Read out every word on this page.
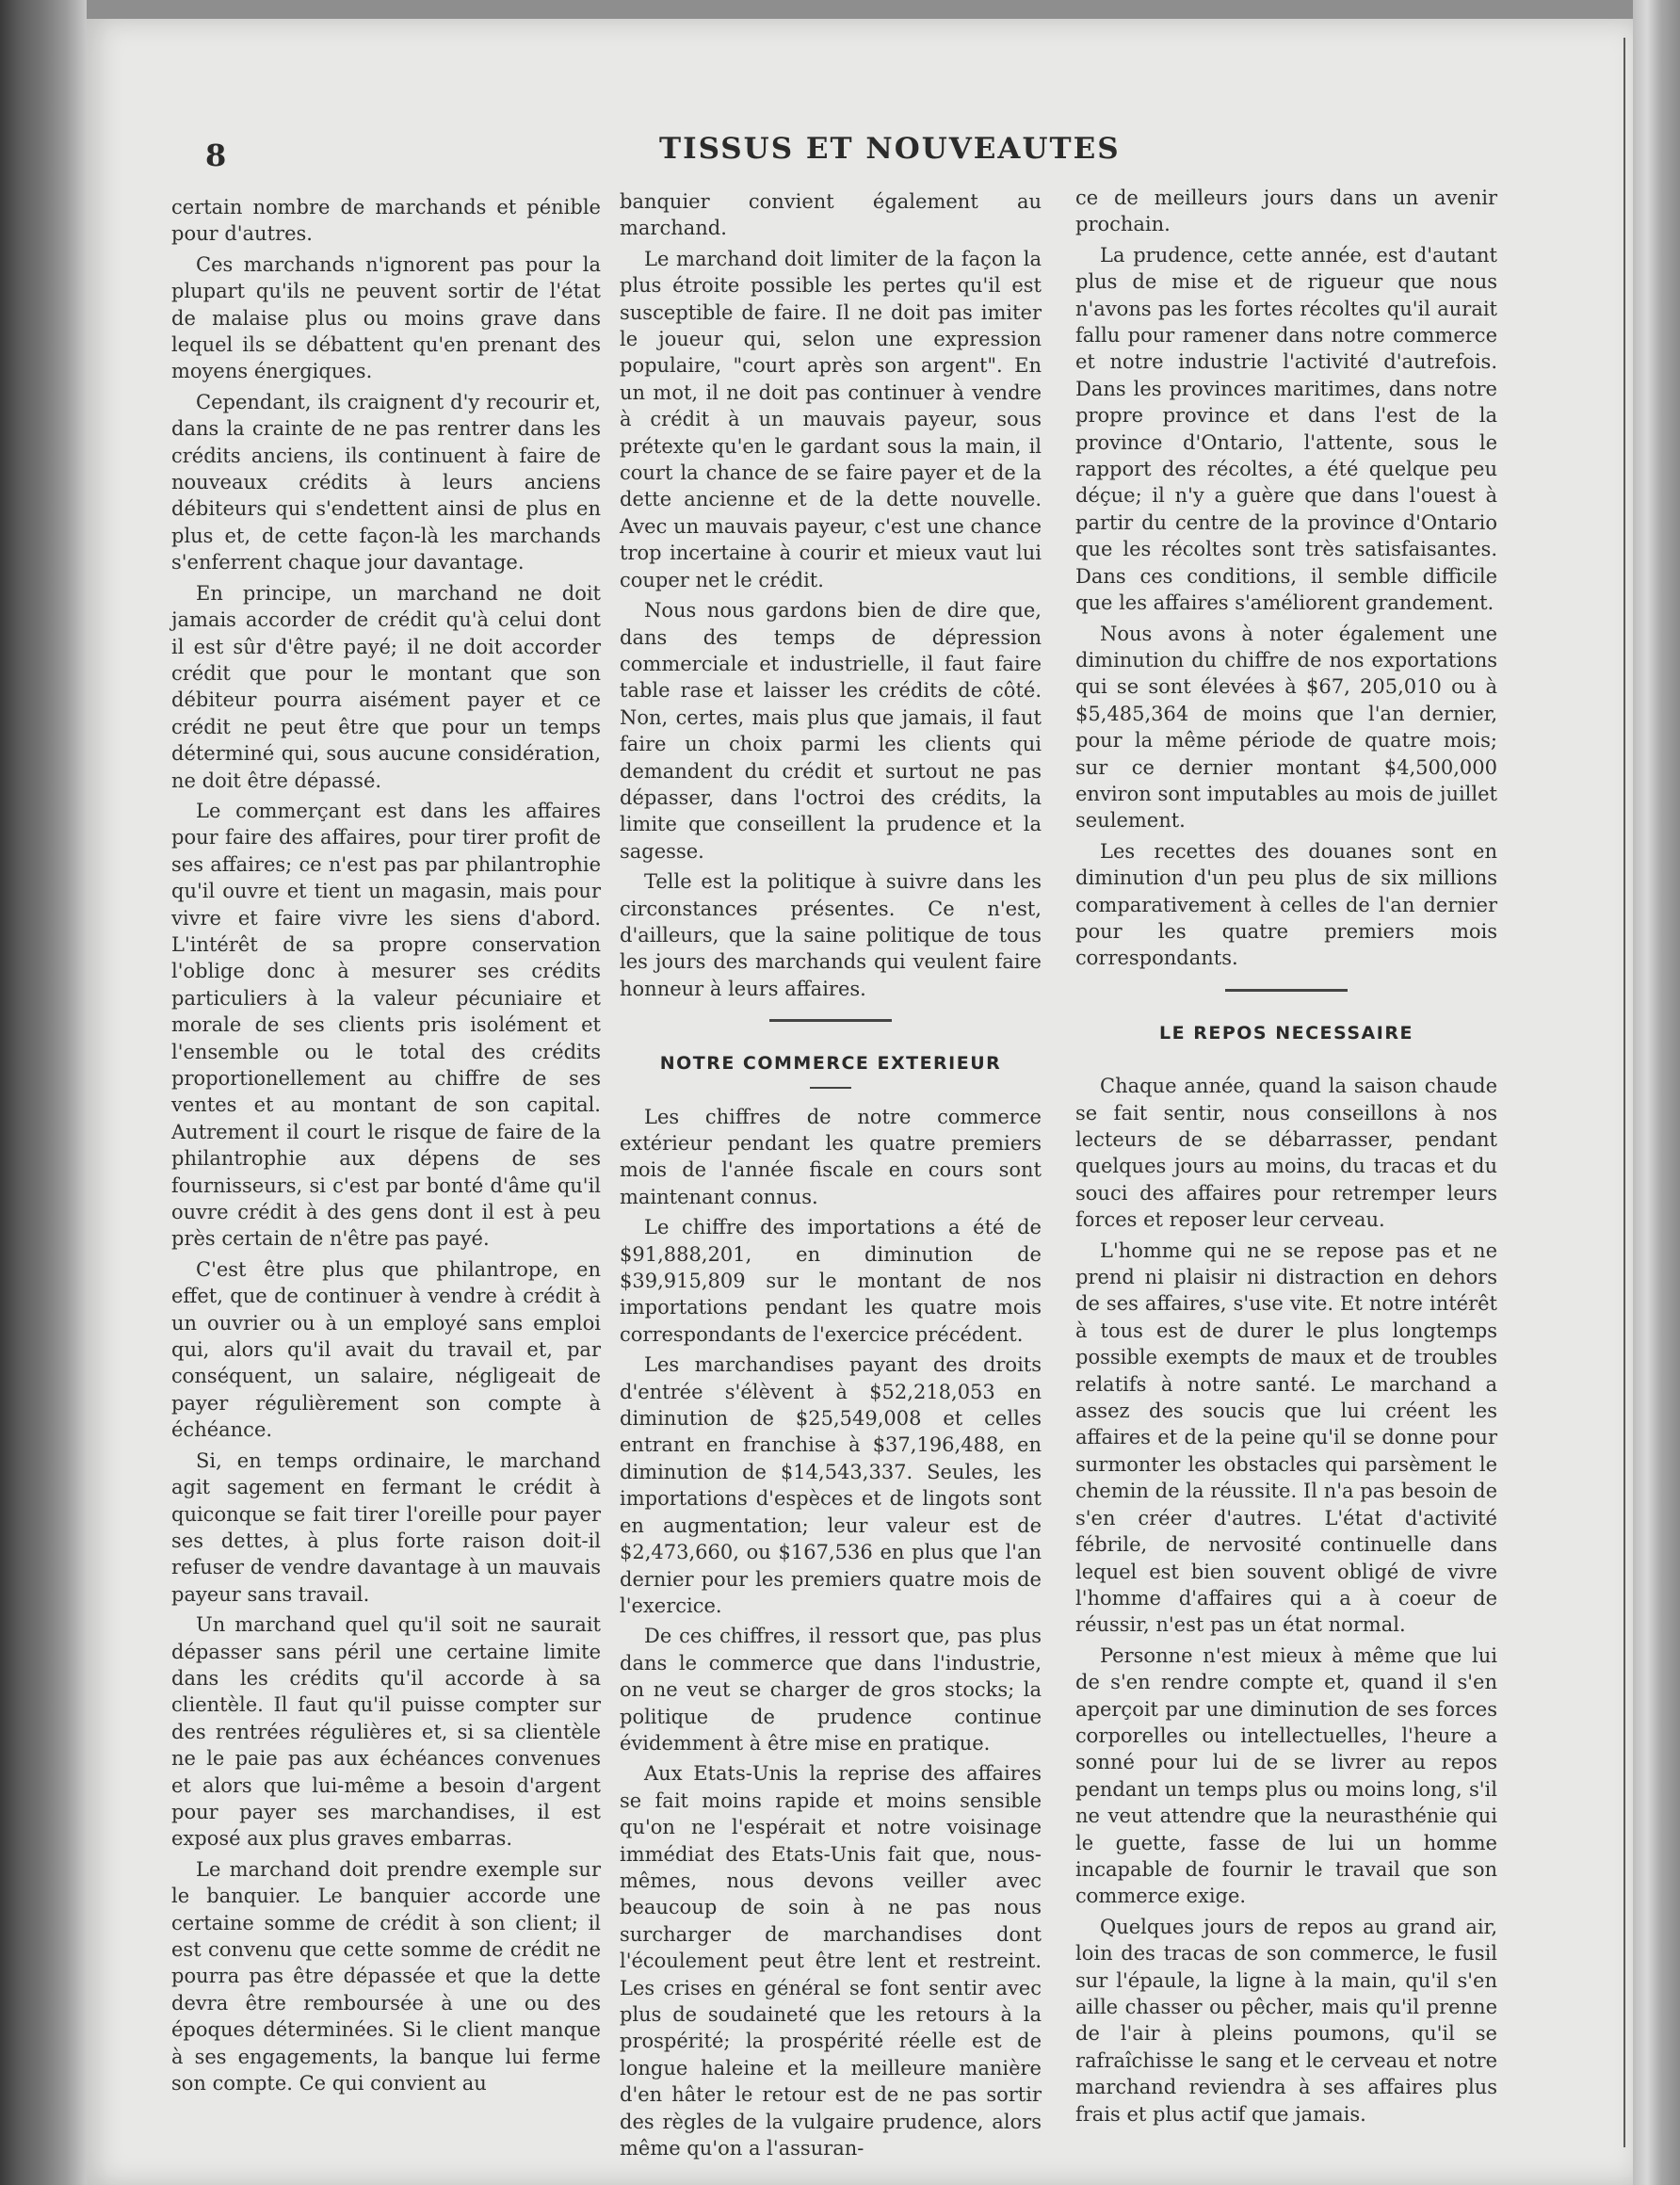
8	TISSUS ET NOUVEAUTES

certain nombre de marchands et pénible pour d'autres.

Ces marchands n'ignorent pas pour la plupart qu'ils ne peuvent sortir de l'état de malaise plus ou moins grave dans lequel ils se débattent qu'en prenant des moyens énergiques.

Cependant, ils craignent d'y recourir et, dans la crainte de ne pas rentrer dans les crédits anciens, ils continuent à faire de nouveaux crédits à leurs anciens débiteurs qui s'endettent ainsi de plus en plus et, de cette façon-là les marchands s'enferrent chaque jour davantage.

En principe, un marchand ne doit jamais accorder de crédit qu'à celui dont il est sûr d'être payé; il ne doit accorder crédit que pour le montant que son débiteur pourra aisément payer et ce crédit ne peut être que pour un temps déterminé qui, sous aucune considération, ne doit être dépassé.

Le commerçant est dans les affaires pour faire des affaires, pour tirer profit de ses affaires; ce n'est pas par philantrophie qu'il ouvre et tient un magasin, mais pour vivre et faire vivre les siens d'abord. L'intérêt de sa propre conservation l'oblige donc à mesurer ses crédits particuliers à la valeur pécuniaire et morale de ses clients pris isolément et l'ensemble ou le total des crédits proportionellement au chiffre de ses ventes et au montant de son capital. Autrement il court le risque de faire de la philantrophie aux dépens de ses fournisseurs, si c'est par bonté d'âme qu'il ouvre crédit à des gens dont il est à peu près certain de n'être pas payé.

C'est être plus que philantrope, en effet, que de continuer à vendre à crédit à un ouvrier ou à un employé sans emploi qui, alors qu'il avait du travail et, par conséquent, un salaire, négligeait de payer régulièrement son compte à échéance.

Si, en temps ordinaire, le marchand agit sagement en fermant le crédit à quiconque se fait tirer l'oreille pour payer ses dettes, à plus forte raison doit-il refuser de vendre davantage à un mauvais payeur sans travail.

Un marchand quel qu'il soit ne saurait dépasser sans péril une certaine limite dans les crédits qu'il accorde à sa clientèle. Il faut qu'il puisse compter sur des rentrées régulières et, si sa clientèle ne le paie pas aux échéances convenues et alors que lui-même a besoin d'argent pour payer ses marchandises, il est exposé aux plus graves embarras.

Le marchand doit prendre exemple sur le banquier. Le banquier accorde une certaine somme de crédit à son client; il est convenu que cette somme de crédit ne pourra pas être dépassée et que la dette devra être remboursée à une ou des époques déterminées. Si le client manque à ses engagements, la banque lui ferme son compte. Ce qui convient au

banquier convient également au marchand.

Le marchand doit limiter de la façon la plus étroite possible les pertes qu'il est susceptible de faire. Il ne doit pas imiter le joueur qui, selon une expression populaire, "court après son argent". En un mot, il ne doit pas continuer à vendre à crédit à un mauvais payeur, sous prétexte qu'en le gardant sous la main, il court la chance de se faire payer et de la dette ancienne et de la dette nouvelle. Avec un mauvais payeur, c'est une chance trop incertaine à courir et mieux vaut lui couper net le crédit.

Nous nous gardons bien de dire que, dans des temps de dépression commerciale et industrielle, il faut faire table rase et laisser les crédits de côté. Non, certes, mais plus que jamais, il faut faire un choix parmi les clients qui demandent du crédit et surtout ne pas dépasser, dans l'octroi des crédits, la limite que conseillent la prudence et la sagesse.

Telle est la politique à suivre dans les circonstances présentes. Ce n'est, d'ailleurs, que la saine politique de tous les jours des marchands qui veulent faire honneur à leurs affaires.

NOTRE COMMERCE EXTERIEUR

Les chiffres de notre commerce extérieur pendant les quatre premiers mois de l'année fiscale en cours sont maintenant connus.

Le chiffre des importations a été de $91,888,201, en diminution de $39,915,809 sur le montant de nos importations pendant les quatre mois correspondants de l'exercice précédent.

Les marchandises payant des droits d'entrée s'élèvent à $52,218,053 en diminution de $25,549,008 et celles entrant en franchise à $37,196,488, en diminution de $14,543,337. Seules, les importations d'espèces et de lingots sont en augmentation; leur valeur est de $2,473,660, ou $167,536 en plus que l'an dernier pour les premiers quatre mois de l'exercice.

De ces chiffres, il ressort que, pas plus dans le commerce que dans l'industrie, on ne veut se charger de gros stocks; la politique de prudence continue évidemment à être mise en pratique.

Aux Etats-Unis la reprise des affaires se fait moins rapide et moins sensible qu'on ne l'espérait et notre voisinage immédiat des Etats-Unis fait que, nous-mêmes, nous devons veiller avec beaucoup de soin à ne pas nous surcharger de marchandises dont l'écoulement peut être lent et restreint. Les crises en général se font sentir avec plus de soudaineté que les retours à la prospérité; la prospérité réelle est de longue haleine et la meilleure manière d'en hâter le retour est de ne pas sortir des règles de la vulgaire prudence, alors même qu'on a l'assuran-

ce de meilleurs jours dans un avenir prochain.

La prudence, cette année, est d'autant plus de mise et de rigueur que nous n'avons pas les fortes récoltes qu'il aurait fallu pour ramener dans notre commerce et notre industrie l'activité d'autrefois. Dans les provinces maritimes, dans notre propre province et dans l'est de la province d'Ontario, l'attente, sous le rapport des récoltes, a été quelque peu déçue; il n'y a guère que dans l'ouest à partir du centre de la province d'Ontario que les récoltes sont très satisfaisantes. Dans ces conditions, il semble difficile que les affaires s'améliorent grandement.

Nous avons à noter également une diminution du chiffre de nos exportations qui se sont élevées à $67, 205,010 ou à $5,485,364 de moins que l'an dernier, pour la même période de quatre mois; sur ce dernier montant $4,500,000 environ sont imputables au mois de juillet seulement.

Les recettes des douanes sont en diminution d'un peu plus de six millions comparativement à celles de l'an dernier pour les quatre premiers mois correspondants.

LE REPOS NECESSAIRE

Chaque année, quand la saison chaude se fait sentir, nous conseillons à nos lecteurs de se débarrasser, pendant quelques jours au moins, du tracas et du souci des affaires pour retremper leurs forces et reposer leur cerveau.

L'homme qui ne se repose pas et ne prend ni plaisir ni distraction en dehors de ses affaires, s'use vite. Et notre intérêt à tous est de durer le plus longtemps possible exempts de maux et de troubles relatifs à notre santé. Le marchand a assez des soucis que lui créent les affaires et de la peine qu'il se donne pour surmonter les obstacles qui parsèment le chemin de la réussite. Il n'a pas besoin de s'en créer d'autres. L'état d'activité fébrile, de nervosité continuelle dans lequel est bien souvent obligé de vivre l'homme d'affaires qui a à coeur de réussir, n'est pas un état normal.

Personne n'est mieux à même que lui de s'en rendre compte et, quand il s'en aperçoit par une diminution de ses forces corporelles ou intellectuelles, l'heure a sonné pour lui de se livrer au repos pendant un temps plus ou moins long, s'il ne veut attendre que la neurasthénie qui le guette, fasse de lui un homme incapable de fournir le travail que son commerce exige.

Quelques jours de repos au grand air, loin des tracas de son commerce, le fusil sur l'épaule, la ligne à la main, qu'il s'en aille chasser ou pêcher, mais qu'il prenne de l'air à pleins poumons, qu'il se rafraîchisse le sang et le cerveau et notre marchand reviendra à ses affaires plus frais et plus actif que jamais.
